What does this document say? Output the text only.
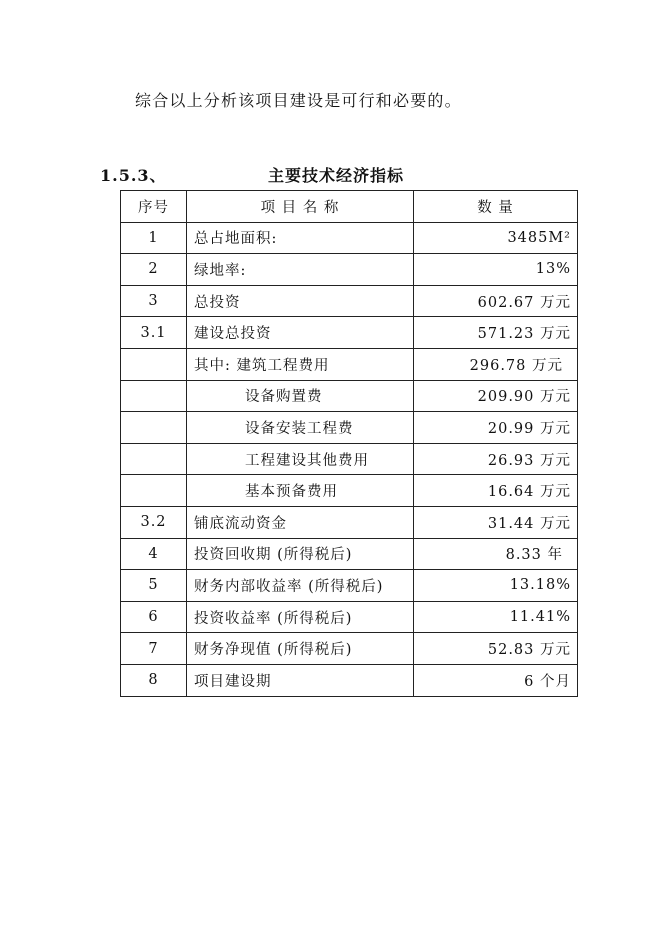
综合以上分析该项目建设是可行和必要的。
1.5.3、	主要技术经济指标
序号	项 目 名 称	数 量
1	总占地面积:	3485M²
2	绿地率:	13%
3	总投资	602.67 万元
3.1	建设总投资	571.23 万元
	其中: 建筑工程费用	296.78 万元
	设备购置费	209.90 万元
	设备安装工程费	20.99 万元
	工程建设其他费用	26.93 万元
	基本预备费用	16.64 万元
3.2	铺底流动资金	31.44 万元
4	投资回收期 (所得税后)	8.33 年
5	财务内部收益率 (所得税后)	13.18%
6	投资收益率 (所得税后)	11.41%
7	财务净现值 (所得税后)	52.83 万元
8	项目建设期	6 个月
